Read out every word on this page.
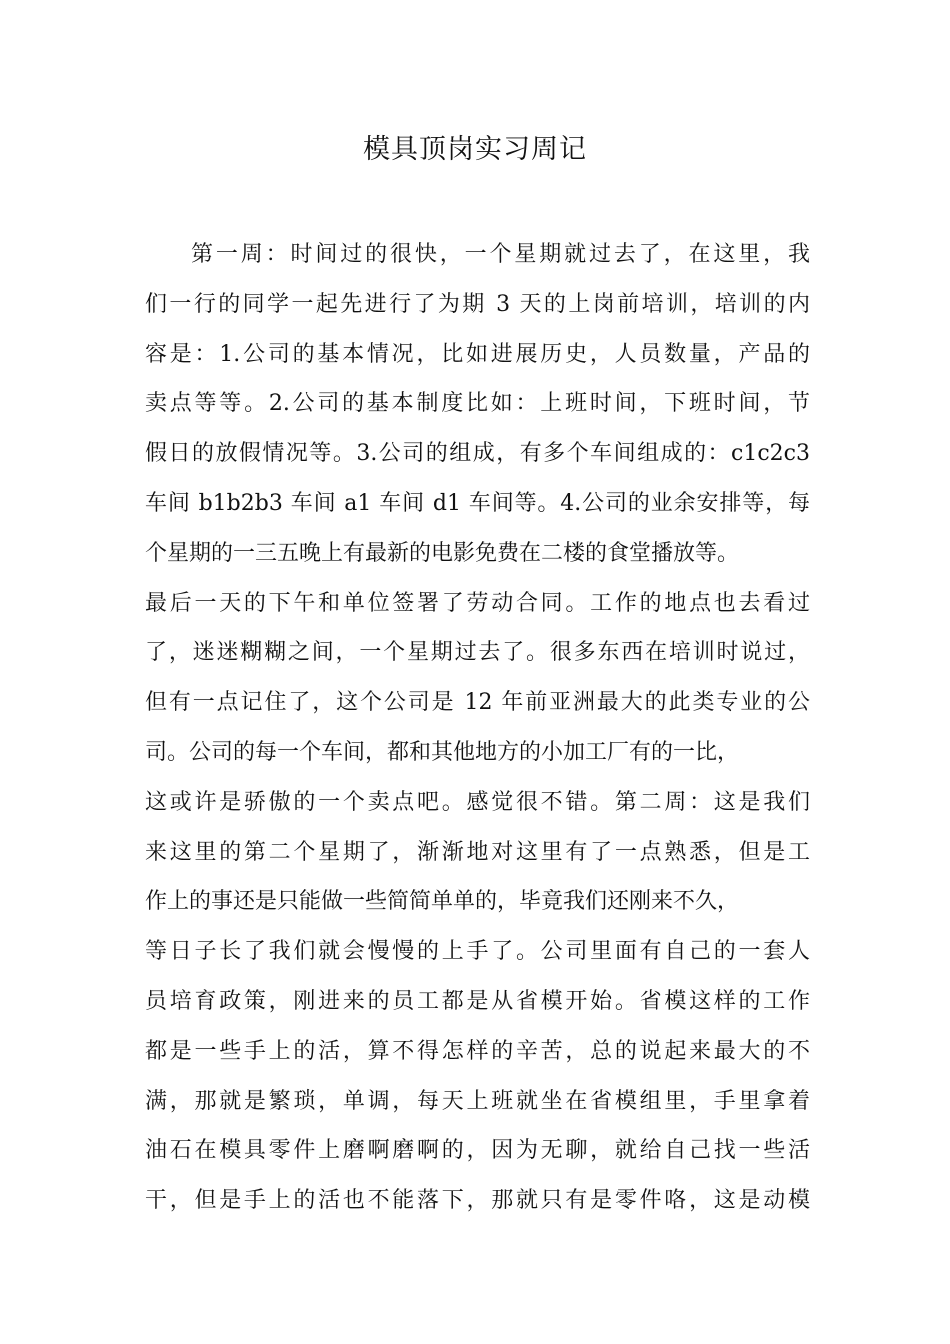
模具顶岗实习周记
第一周：时间过的很快，一个星期就过去了，在这里，我
们一行的同学一起先进行了为期 3 天的上岗前培训，培训的内
容是：1.公司的基本情况，比如进展历史，人员数量，产品的
卖点等等。2.公司的基本制度比如：上班时间，下班时间，节
假日的放假情况等。3.公司的组成，有多个车间组成的：c1c2c3
车间 b1b2b3 车间 a1 车间 d1 车间等。4.公司的业余安排等，每
个星期的一三五晚上有最新的电影免费在二楼的食堂播放等。
最后一天的下午和单位签署了劳动合同。工作的地点也去看过
了，迷迷糊糊之间，一个星期过去了。很多东西在培训时说过，
但有一点记住了，这个公司是 12 年前亚洲最大的此类专业的公
司。公司的每一个车间，都和其他地方的小加工厂有的一比，
这或许是骄傲的一个卖点吧。感觉很不错。第二周：这是我们
来这里的第二个星期了，渐渐地对这里有了一点熟悉，但是工
作上的事还是只能做一些简简单单的，毕竟我们还刚来不久，
等日子长了我们就会慢慢的上手了。公司里面有自己的一套人
员培育政策，刚进来的员工都是从省模开始。省模这样的工作
都是一些手上的活，算不得怎样的辛苦，总的说起来最大的不
满，那就是繁琐，单调，每天上班就坐在省模组里，手里拿着
油石在模具零件上磨啊磨啊的，因为无聊，就给自己找一些活
干，但是手上的活也不能落下，那就只有是零件咯，这是动模
